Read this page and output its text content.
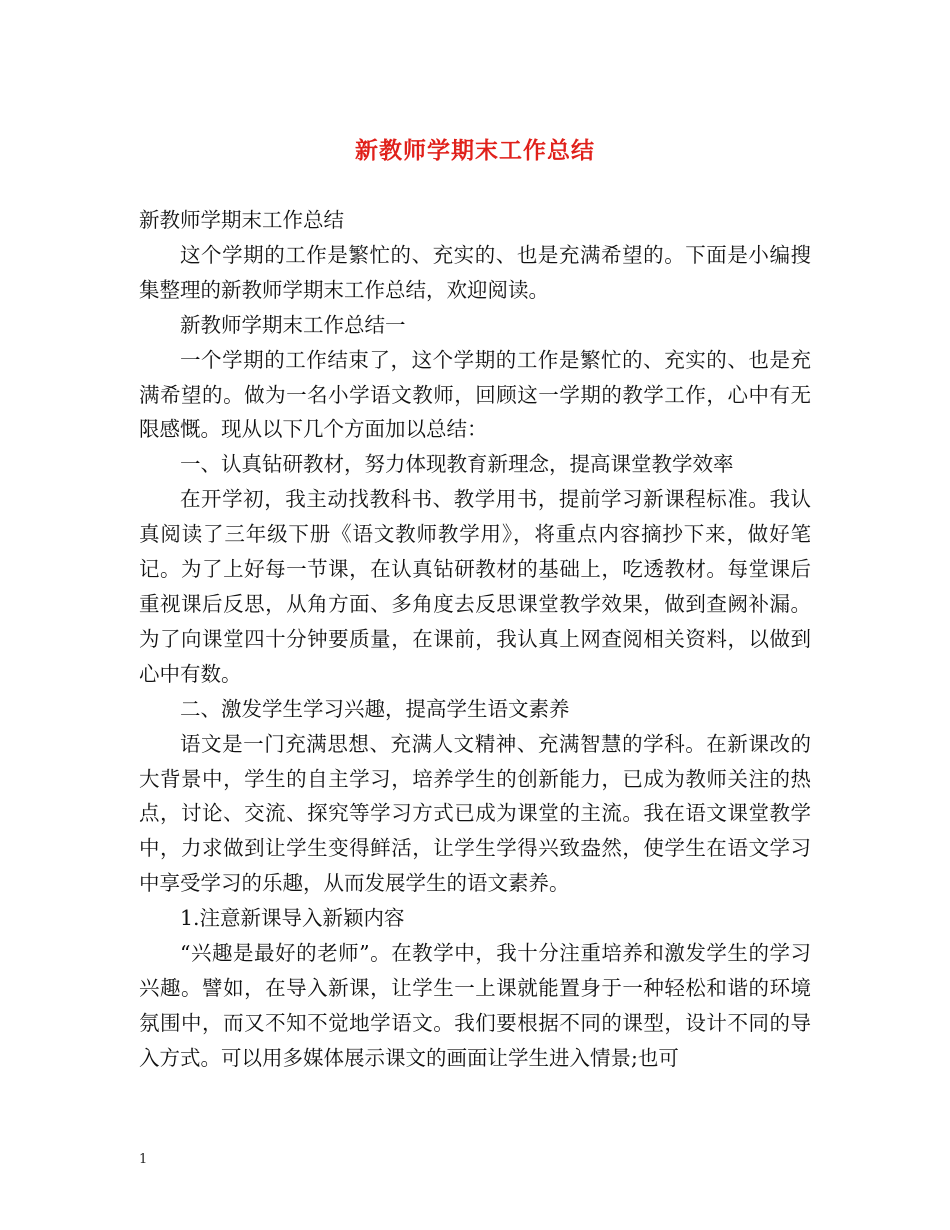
新教师学期末工作总结

新教师学期末工作总结

这个学期的工作是繁忙的、充实的、也是充满希望的。下面是小编搜集整理的新教师学期末工作总结，欢迎阅读。

新教师学期末工作总结一

一个学期的工作结束了，这个学期的工作是繁忙的、充实的、也是充满希望的。做为一名小学语文教师，回顾这一学期的教学工作，心中有无限感慨。现从以下几个方面加以总结：

一、认真钻研教材，努力体现教育新理念，提高课堂教学效率

在开学初，我主动找教科书、教学用书，提前学习新课程标准。我认真阅读了三年级下册《语文教师教学用》，将重点内容摘抄下来，做好笔记。为了上好每一节课，在认真钻研教材的基础上，吃透教材。每堂课后重视课后反思，从角方面、多角度去反思课堂教学效果，做到查阙补漏。为了向课堂四十分钟要质量，在课前，我认真上网查阅相关资料，以做到心中有数。

二、激发学生学习兴趣，提高学生语文素养

语文是一门充满思想、充满人文精神、充满智慧的学科。在新课改的大背景中，学生的自主学习，培养学生的创新能力，已成为教师关注的热点，讨论、交流、探究等学习方式已成为课堂的主流。我在语文课堂教学中，力求做到让学生变得鲜活，让学生学得兴致盎然，使学生在语文学习中享受学习的乐趣，从而发展学生的语文素养。

1.注意新课导入新颖内容

“兴趣是最好的老师”。在教学中，我十分注重培养和激发学生的学习兴趣。譬如，在导入新课，让学生一上课就能置身于一种轻松和谐的环境氛围中，而又不知不觉地学语文。我们要根据不同的课型，设计不同的导入方式。可以用多媒体展示课文的画面让学生进入情景;也可

1
